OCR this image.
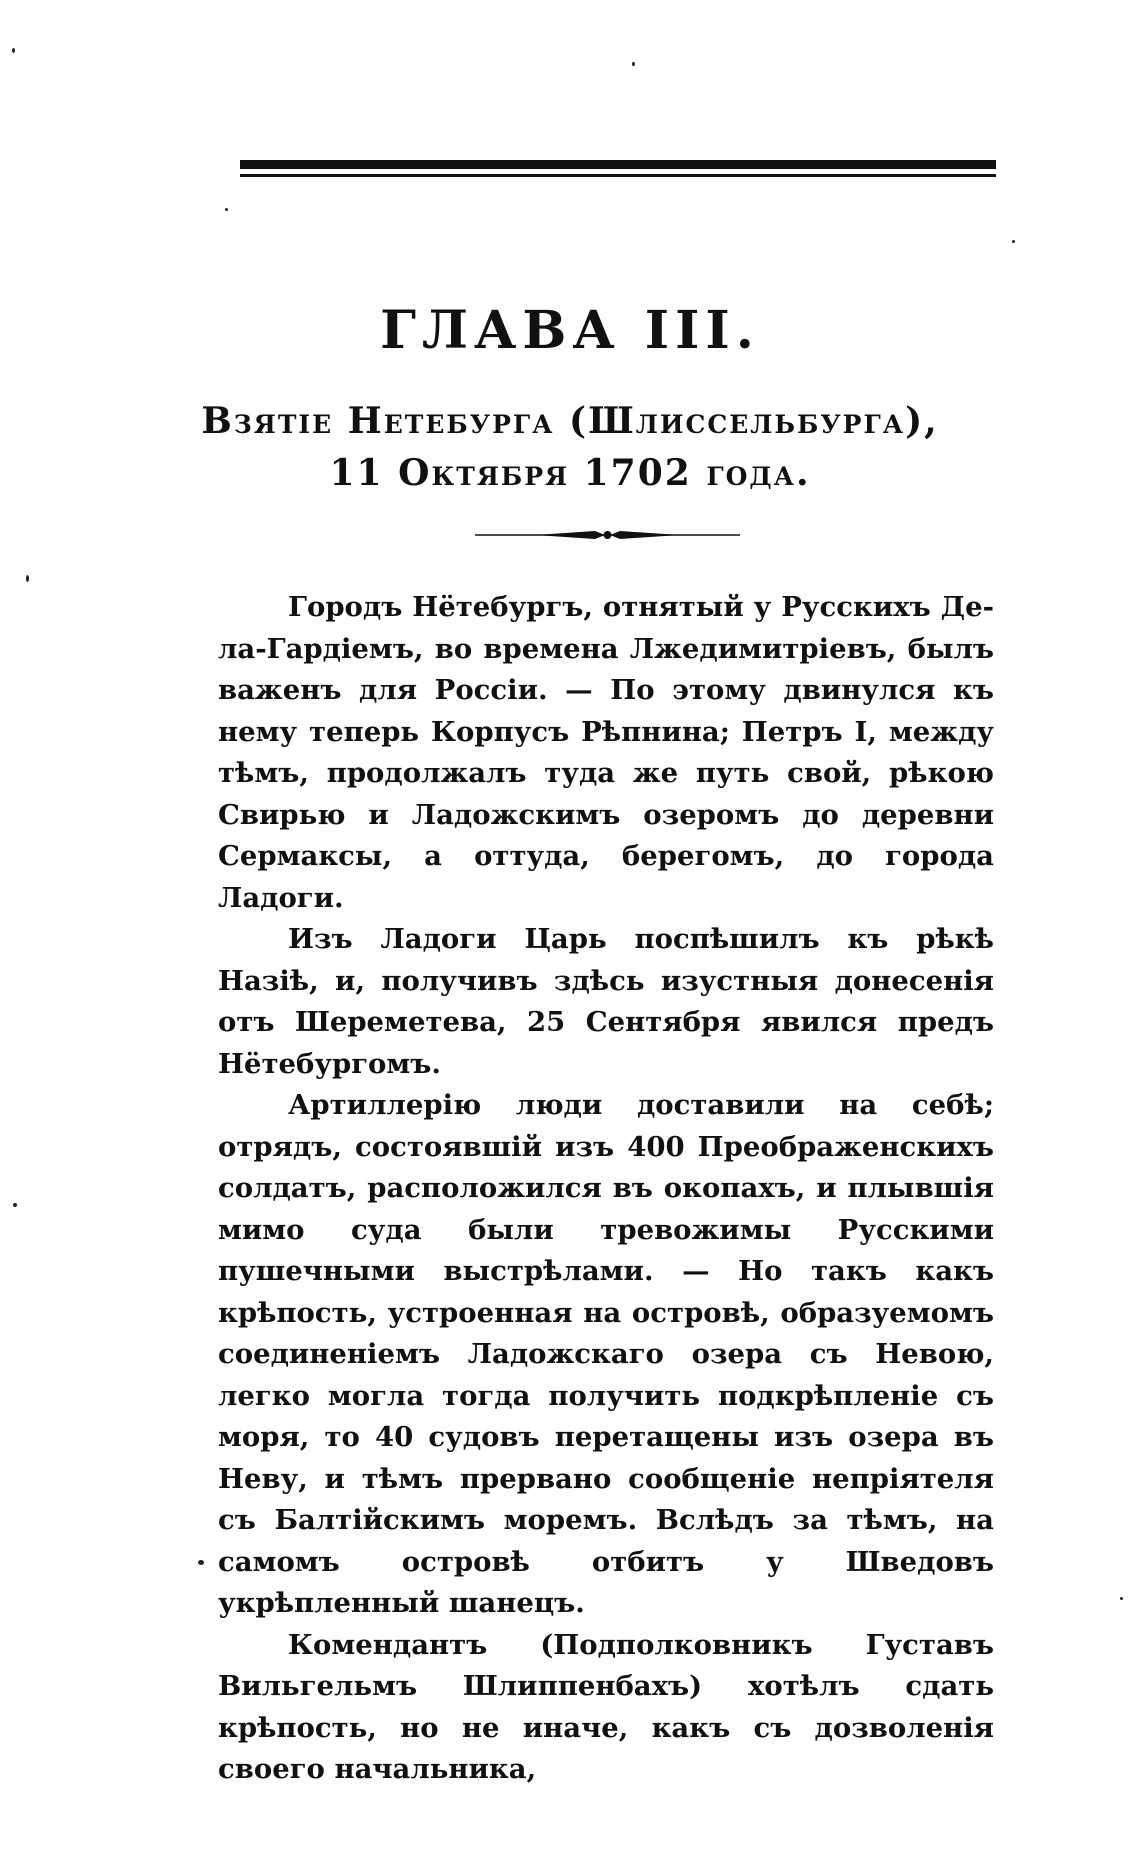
ГЛАВА III.
Взятіе Нетебурга (Шлиссельбурга),
11 Октября 1702 года.

Городъ Нётебургъ, отнятый у Русскихъ Де-ла-Гардіемъ, во времена Лжедимитріевъ, былъ важенъ для Россіи. — По этому двинулся къ нему теперь Корпусъ Рѣпнина; Петръ I, между тѣмъ, продолжалъ туда же путь свой, рѣкою Свирью и Ладожскимъ озеромъ до деревни Сермаксы, а оттуда, берегомъ, до города Ладоги.

Изъ Ладоги Царь поспѣшилъ къ рѣкѣ Назіѣ, и, получивъ здѣсь изустныя донесенія отъ Шереметева, 25 Сентября явился предъ Нётебургомъ.

Артиллерію люди доставили на себѣ; отрядъ, состоявшій изъ 400 Преображенскихъ солдатъ, расположился въ окопахъ, и плывшія мимо суда были тревожимы Русскими пушечными выстрѣлами. — Но такъ какъ крѣпость, устроенная на островѣ, образуемомъ соединеніемъ Ладожскаго озера съ Невою, легко могла тогда получить подкрѣпленіе съ моря, то 40 судовъ перетащены изъ озера въ Неву, и тѣмъ прервано сообщеніе непріятеля съ Балтійскимъ моремъ. Вслѣдъ за тѣмъ, на самомъ островѣ отбитъ у Шведовъ укрѣпленный шанецъ.

Комендантъ (Подполковникъ Густавъ Вильгельмъ Шлиппенбахъ) хотѣлъ сдать крѣпость, но не иначе, какъ съ дозволенія своего начальника,
